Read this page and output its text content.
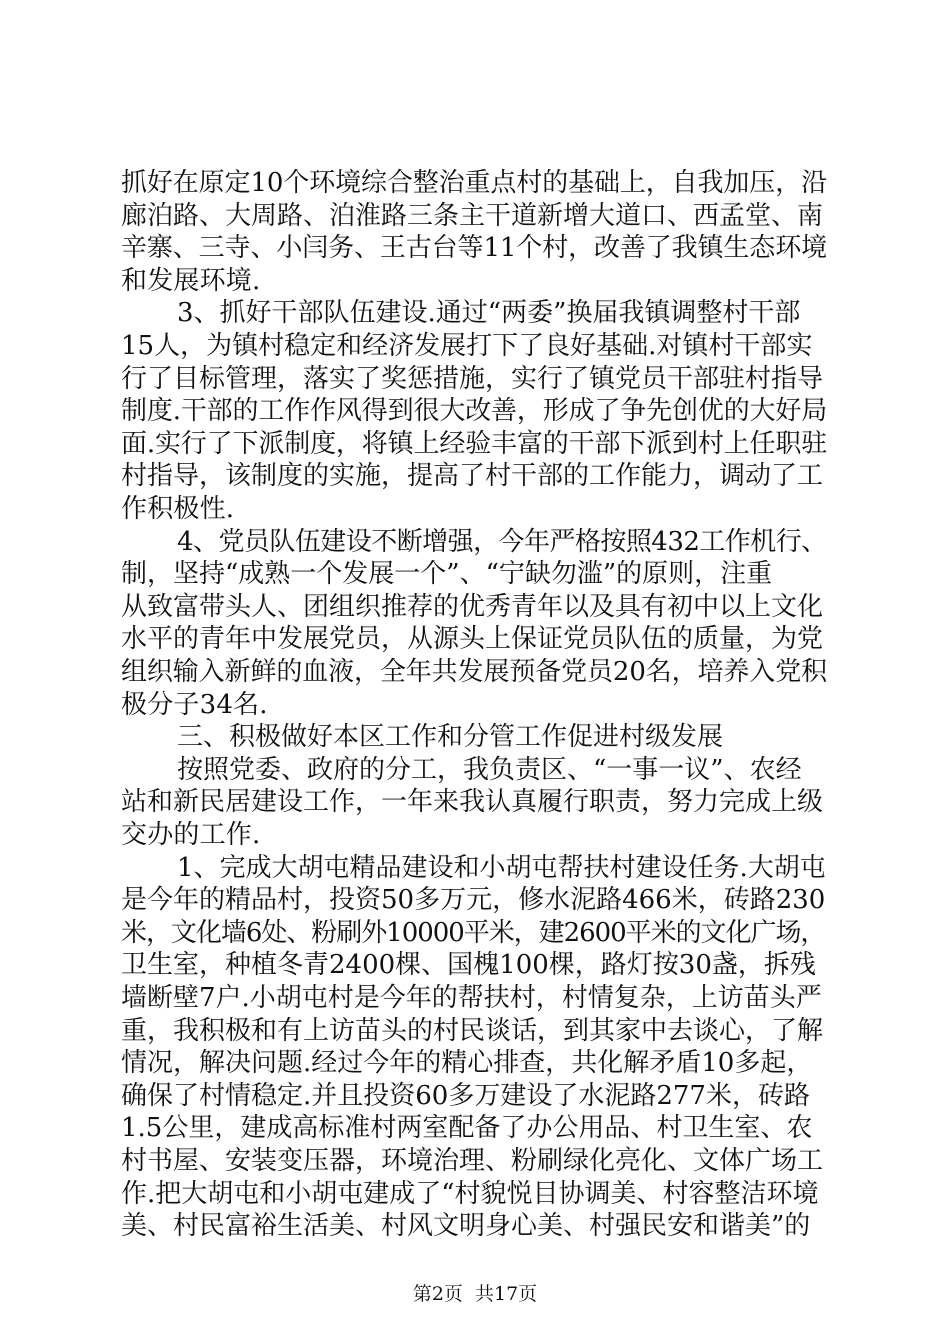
抓好在原定10个环境综合整治重点村的基础上，自我加压，沿
廊泊路、大周路、泊淮路三条主干道新增大道口、西孟堂、南
辛寨、三寺、小闫务、王古台等11个村，改善了我镇生态环境
和发展环境.
3、抓好干部队伍建设.通过“两委”换届我镇调整村干部
15人，为镇村稳定和经济发展打下了良好基础.对镇村干部实
行了目标管理，落实了奖惩措施，实行了镇党员干部驻村指导
制度.干部的工作作风得到很大改善，形成了争先创优的大好局
面.实行了下派制度，将镇上经验丰富的干部下派到村上任职驻
村指导，该制度的实施，提高了村干部的工作能力，调动了工
作积极性.
4、党员队伍建设不断增强，今年严格按照432工作机行、
制，坚持“成熟一个发展一个”、“宁缺勿滥”的原则，注重
从致富带头人、团组织推荐的优秀青年以及具有初中以上文化
水平的青年中发展党员，从源头上保证党员队伍的质量，为党
组织输入新鲜的血液，全年共发展预备党员20名，培养入党积
极分子34名.
三、积极做好本区工作和分管工作促进村级发展
按照党委、政府的分工，我负责区、“一事一议”、农经
站和新民居建设工作，一年来我认真履行职责，努力完成上级
交办的工作.
1、完成大胡屯精品建设和小胡屯帮扶村建设任务.大胡屯
是今年的精品村，投资50多万元，修水泥路466米，砖路230
米，文化墙6处、粉刷外10000平米，建2600平米的文化广场，
卫生室，种植冬青2400棵、国槐100棵，路灯按30盏，拆残
墙断壁7户.小胡屯村是今年的帮扶村，村情复杂，上访苗头严
重，我积极和有上访苗头的村民谈话，到其家中去谈心，了解
情况，解决问题.经过今年的精心排查，共化解矛盾10多起，
确保了村情稳定.并且投资60多万建设了水泥路277米，砖路
1.5公里，建成高标准村两室配备了办公用品、村卫生室、农
村书屋、安装变压器，环境治理、粉刷绿化亮化、文体广场工
作.把大胡屯和小胡屯建成了“村貌悦目协调美、村容整洁环境
美、村民富裕生活美、村风文明身心美、村强民安和谐美”的
第2页  共17页
